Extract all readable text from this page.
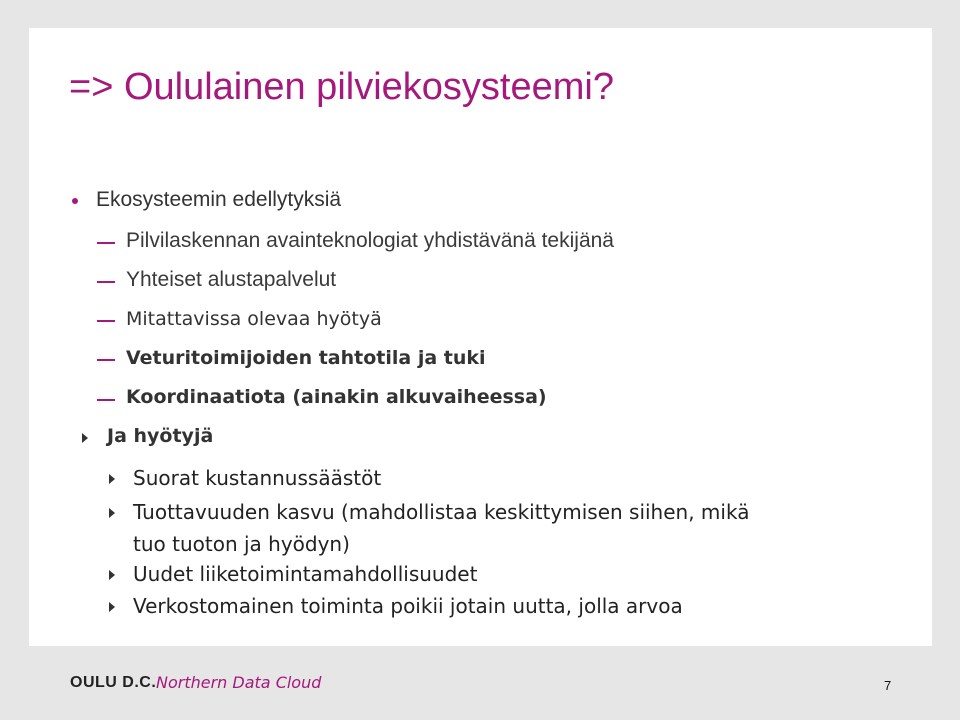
=> Oululainen pilviekosysteemi?
Ekosysteemin edellytyksiä
Pilvilaskennan avainteknologiat yhdistävänä tekijänä
Yhteiset alustapalvelut
Mitattavissa olevaa hyötyä
Veturitoimijoiden tahtotila ja tuki
Koordinaatiota (ainakin alkuvaiheessa)
Ja hyötyjä
Suorat kustannussäästöt
Tuottavuuden kasvu (mahdollistaa keskittymisen siihen, mikä
tuo tuoton ja hyödyn)
Uudet liiketoimintamahdollisuudet
Verkostomainen toiminta poikii jotain uutta, jolla arvoa
OULU D.C. Northern Data Cloud	7
